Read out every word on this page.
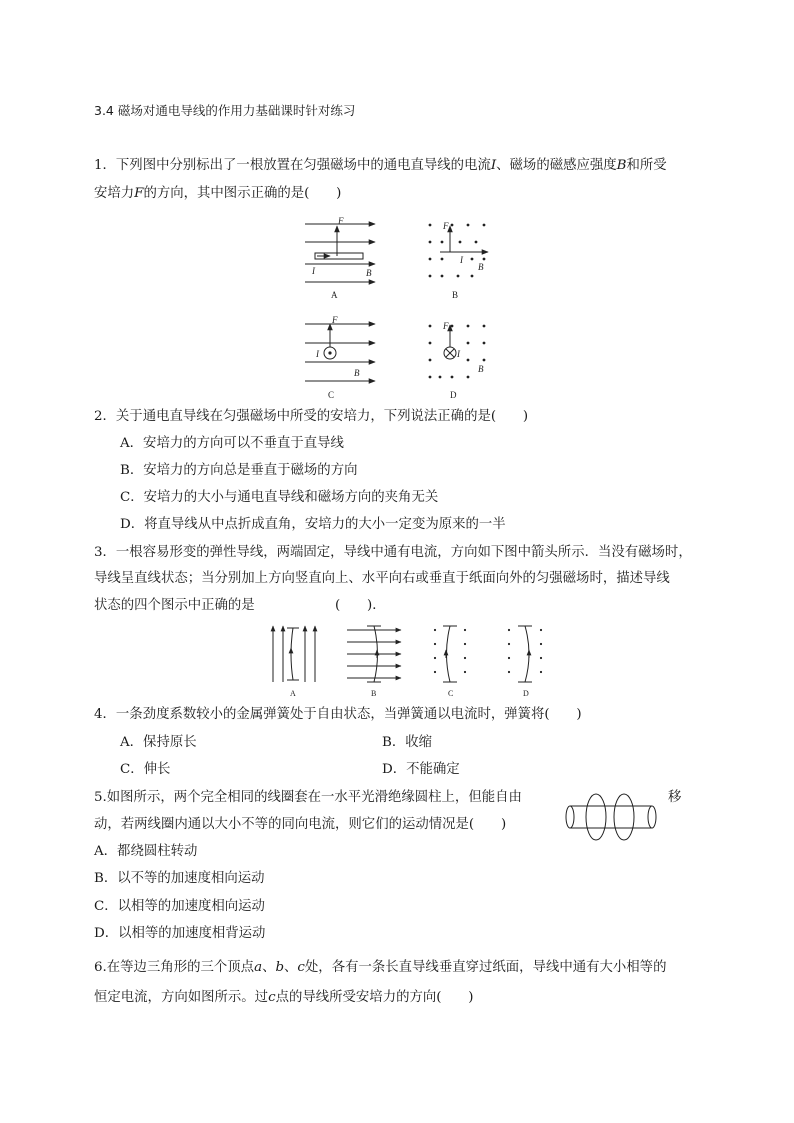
3.4 磁场对通电导线的作用力基础课时针对练习
1．下列图中分别标出了一根放置在匀强磁场中的通电直导线的电流I、磁场的磁感应强度B和所受
安培力F的方向，其中图示正确的是(　　)
F
I	B
A
F
I
B
B
F
I
B
C
F
I
B
D
2．关于通电直导线在匀强磁场中所受的安培力，下列说法正确的是(　　)
A．安培力的方向可以不垂直于直导线
B．安培力的方向总是垂直于磁场的方向
C．安培力的大小与通电直导线和磁场方向的夹角无关
D．将直导线从中点折成直角，安培力的大小一定变为原来的一半
3．一根容易形变的弹性导线，两端固定，导线中通有电流，方向如下图中箭头所示．当没有磁场时，
导线呈直线状态；当分别加上方向竖直向上、水平向右或垂直于纸面向外的匀强磁场时，描述导线
状态的四个图示中正确的是　　　　　　(　　)．
A	B	C	D
4．一条劲度系数较小的金属弹簧处于自由状态，当弹簧通以电流时，弹簧将(　　)
A．保持原长	B．收缩
C．伸长	D．不能确定
5.如图所示，两个完全相同的线圈套在一水平光滑绝缘圆柱上，但能自由	移
动，若两线圈内通以大小不等的同向电流，则它们的运动情况是(　　)
A．都绕圆柱转动
B．以不等的加速度相向运动
C．以相等的加速度相向运动
D．以相等的加速度相背运动
6.在等边三角形的三个顶点a、b、c处，各有一条长直导线垂直穿过纸面，导线中通有大小相等的
恒定电流，方向如图所示。过c点的导线所受安培力的方向(　　)
